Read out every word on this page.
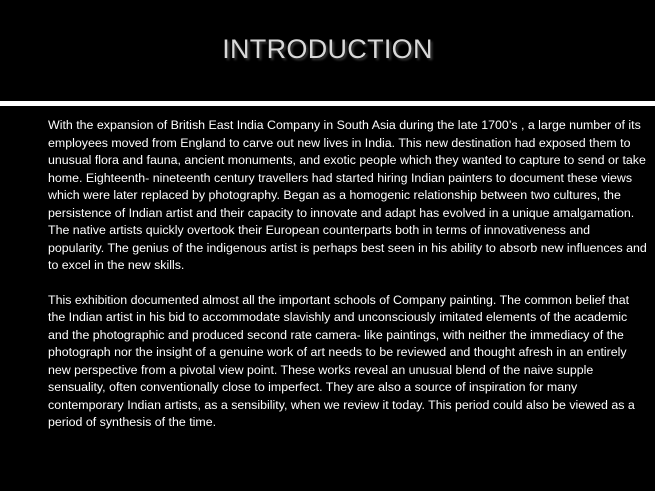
INTRODUCTION

With the expansion of British East India Company in South Asia during the late 1700’s , a large number of its employees moved from England to carve out new lives in India. This new destination had exposed them to unusual flora and fauna, ancient monuments, and exotic people which they wanted to capture to send or take home. Eighteenth- nineteenth century travellers had started hiring Indian painters to document these views which were later replaced by photography. Began as a homogenic relationship between two cultures, the persistence of Indian artist and their capacity to innovate and adapt has evolved in a unique amalgamation. The native artists quickly overtook their European counterparts both in terms of innovativeness and popularity. The genius of the indigenous artist is perhaps best seen in his ability to absorb new influences and to excel in the new skills.

This exhibition documented almost all the important schools of Company painting. The common belief that the Indian artist in his bid to accommodate slavishly and unconsciously imitated elements of the academic and the photographic and produced second rate camera- like paintings, with neither the immediacy of the photograph nor the insight of a genuine work of art needs to be reviewed and thought afresh in an entirely new perspective from a pivotal view point. These works reveal an unusual blend of the naive supple sensuality, often conventionally close to imperfect. They are also a source of inspiration for many contemporary Indian artists, as a sensibility, when we review it today. This period could also be viewed as a period of synthesis of the time.
